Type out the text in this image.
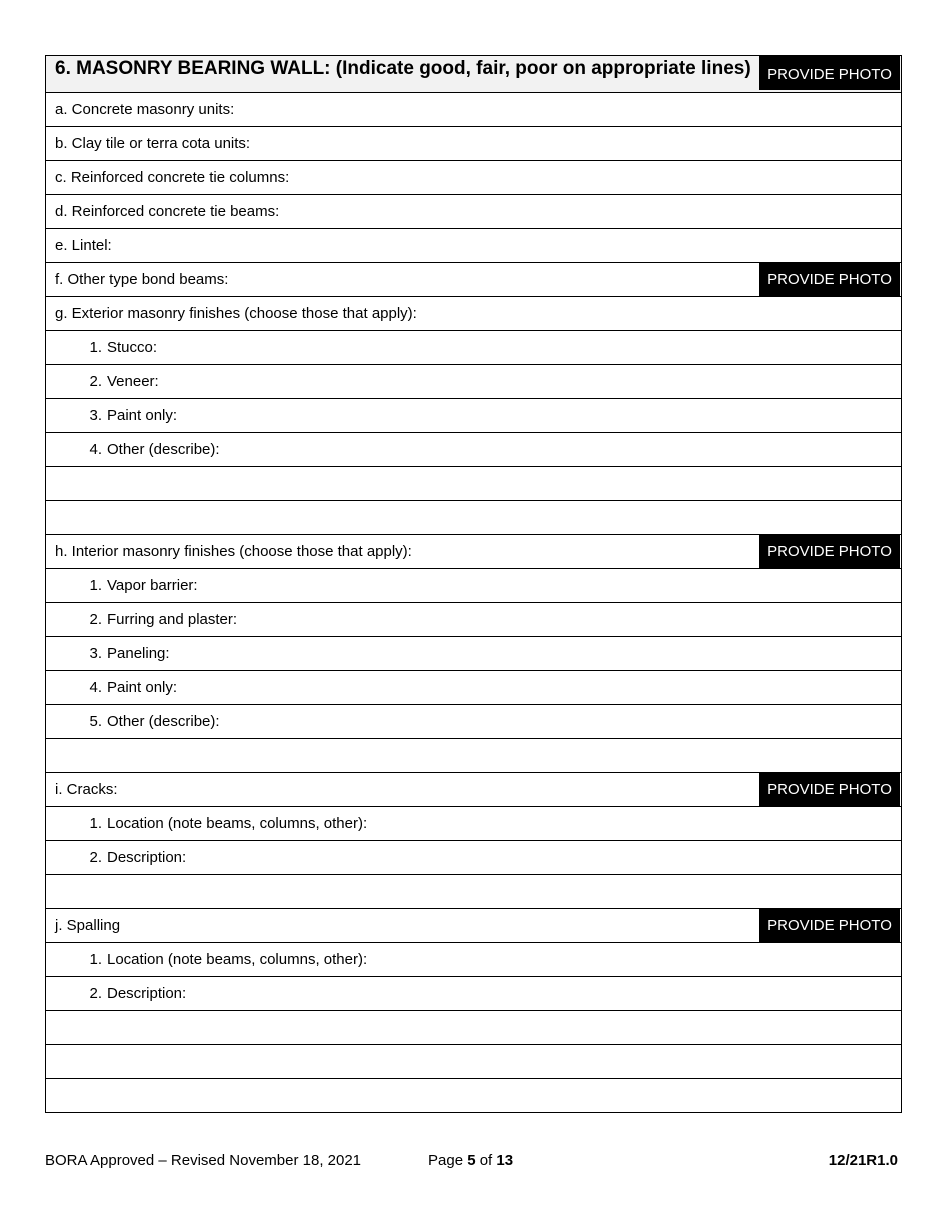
6. MASONRY BEARING WALL: (Indicate good, fair, poor on appropriate lines)	PROVIDE PHOTO
a. Concrete masonry units:
b. Clay tile or terra cota units:
c. Reinforced concrete tie columns:
d. Reinforced concrete tie beams:
e. Lintel:
f. Other type bond beams:	PROVIDE PHOTO
g. Exterior masonry finishes (choose those that apply):
1. Stucco:
2. Veneer:
3. Paint only:
4. Other (describe):
h. Interior masonry finishes (choose those that apply):	PROVIDE PHOTO
1. Vapor barrier:
2. Furring and plaster:
3. Paneling:
4. Paint only:
5. Other (describe):
i. Cracks:	PROVIDE PHOTO
1. Location (note beams, columns, other):
2. Description:
j. Spalling	PROVIDE PHOTO
1. Location (note beams, columns, other):
2. Description:
BORA Approved – Revised November 18, 2021	Page 5 of 13	12/21R1.0
